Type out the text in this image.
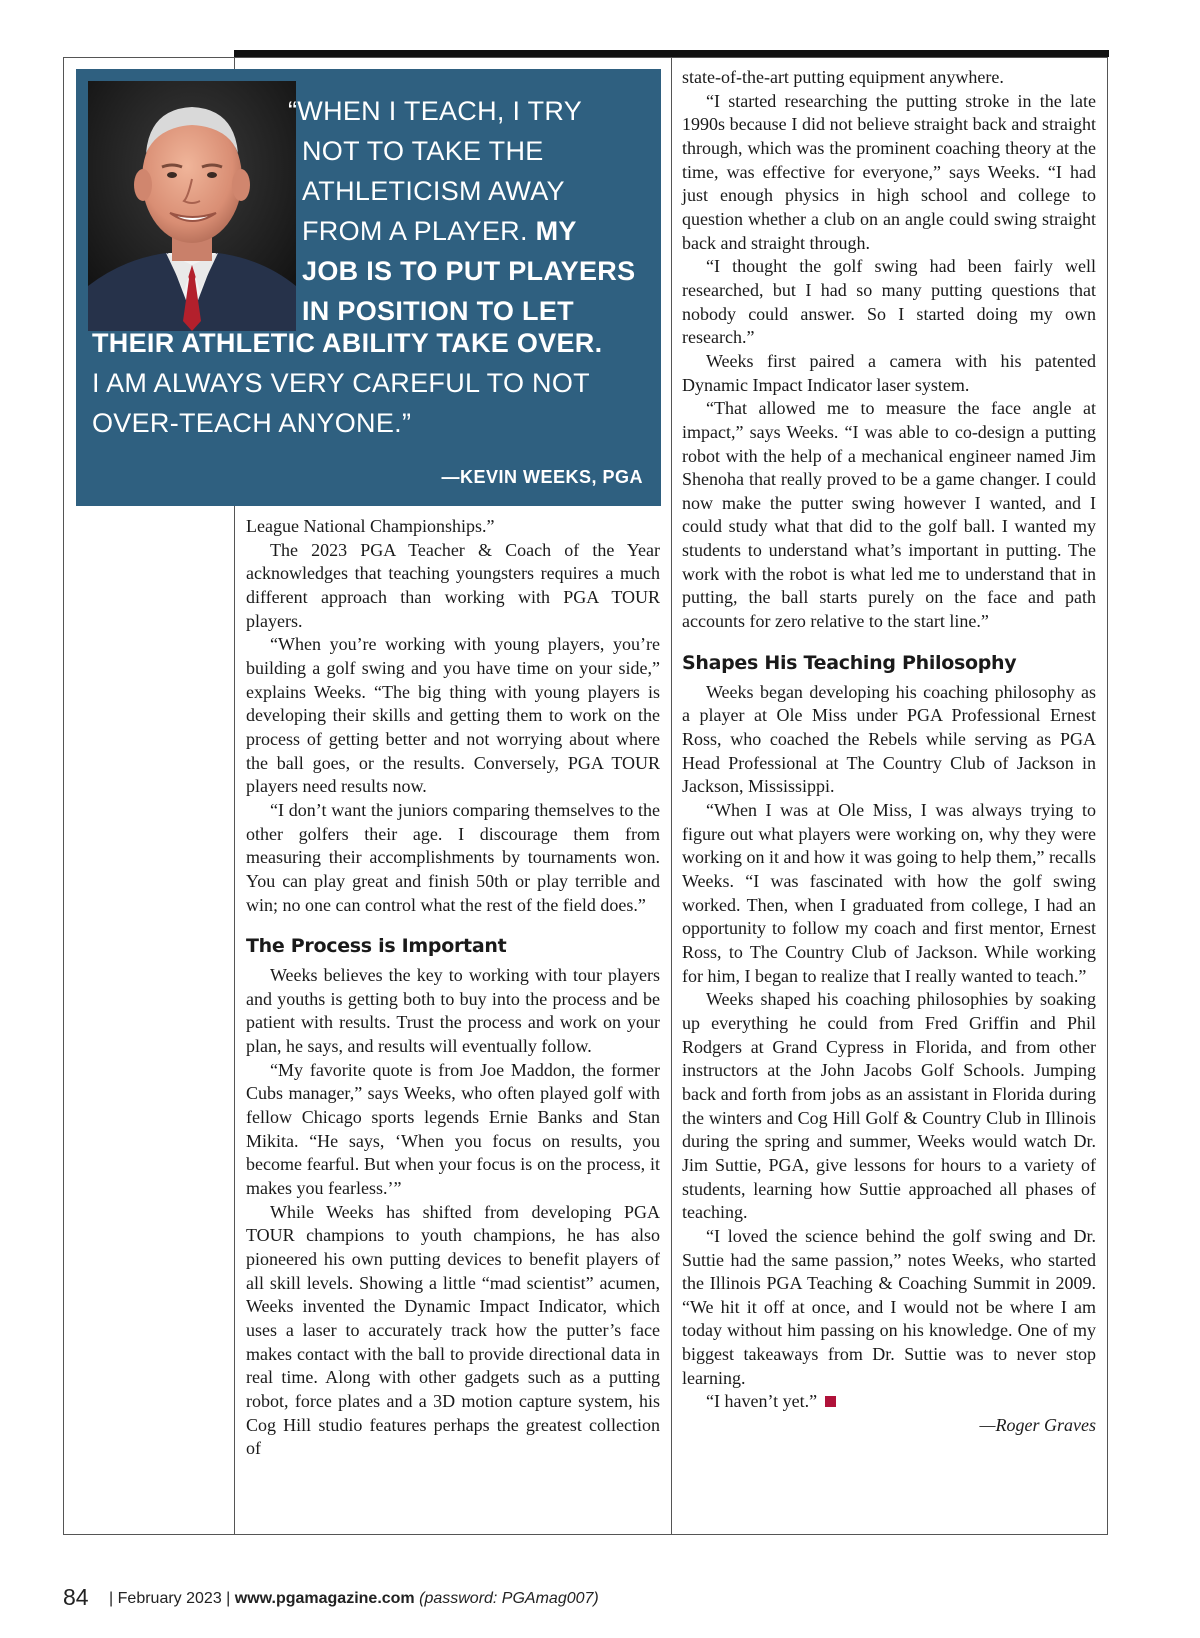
“WHEN I TEACH, I TRY
NOT TO TAKE THE
ATHLETICISM AWAY
FROM A PLAYER. MY
JOB IS TO PUT PLAYERS
IN POSITION TO LET
THEIR ATHLETIC ABILITY TAKE OVER.
I AM ALWAYS VERY CAREFUL TO NOT
OVER-TEACH ANYONE.”
—KEVIN WEEKS, PGA

League National Championships.”

The 2023 PGA Teacher & Coach of the Year acknowledges that teaching youngsters requires a much different approach than working with PGA TOUR players.

“When you’re working with young players, you’re building a golf swing and you have time on your side,” explains Weeks. “The big thing with young players is developing their skills and getting them to work on the process of getting better and not worrying about where the ball goes, or the results. Conversely, PGA TOUR players need results now.

“I don’t want the juniors comparing themselves to the other golfers their age. I discourage them from measuring their accomplishments by tournaments won. You can play great and finish 50th or play terrible and win; no one can control what the rest of the field does.”

The Process is Important

Weeks believes the key to working with tour players and youths is getting both to buy into the process and be patient with results. Trust the process and work on your plan, he says, and results will eventually follow.

“My favorite quote is from Joe Maddon, the former Cubs manager,” says Weeks, who often played golf with fellow Chicago sports legends Ernie Banks and Stan Mikita. “He says, ‘When you focus on results, you become fearful. But when your focus is on the process, it makes you fearless.’”

While Weeks has shifted from developing PGA TOUR champions to youth champions, he has also pioneered his own putting devices to benefit players of all skill levels. Showing a little “mad scientist” acumen, Weeks invented the Dynamic Impact Indicator, which uses a laser to accurately track how the putter’s face makes contact with the ball to provide directional data in real time. Along with other gadgets such as a putting robot, force plates and a 3D motion capture system, his Cog Hill studio features perhaps the greatest collection of

state-of-the-art putting equipment anywhere.

“I started researching the putting stroke in the late 1990s because I did not believe straight back and straight through, which was the prominent coaching theory at the time, was effective for everyone,” says Weeks. “I had just enough physics in high school and college to question whether a club on an angle could swing straight back and straight through.

“I thought the golf swing had been fairly well researched, but I had so many putting questions that nobody could answer. So I started doing my own research.”

Weeks first paired a camera with his patented Dynamic Impact Indicator laser system.

“That allowed me to measure the face angle at impact,” says Weeks. “I was able to co-design a putting robot with the help of a mechanical engineer named Jim Shenoha that really proved to be a game changer. I could now make the putter swing however I wanted, and I could study what that did to the golf ball. I wanted my students to understand what’s important in putting. The work with the robot is what led me to understand that in putting, the ball starts purely on the face and path accounts for zero relative to the start line.”

Shapes His Teaching Philosophy

Weeks began developing his coaching philosophy as a player at Ole Miss under PGA Professional Ernest Ross, who coached the Rebels while serving as PGA Head Professional at The Country Club of Jackson in Jackson, Mississippi.

“When I was at Ole Miss, I was always trying to figure out what players were working on, why they were working on it and how it was going to help them,” recalls Weeks. “I was fascinated with how the golf swing worked. Then, when I graduated from college, I had an opportunity to follow my coach and first mentor, Ernest Ross, to The Country Club of Jackson. While working for him, I began to realize that I really wanted to teach.”

Weeks shaped his coaching philosophies by soaking up everything he could from Fred Griffin and Phil Rodgers at Grand Cypress in Florida, and from other instructors at the John Jacobs Golf Schools. Jumping back and forth from jobs as an assistant in Florida during the winters and Cog Hill Golf & Country Club in Illinois during the spring and summer, Weeks would watch Dr. Jim Suttie, PGA, give lessons for hours to a variety of students, learning how Suttie approached all phases of teaching.

“I loved the science behind the golf swing and Dr. Suttie had the same passion,” notes Weeks, who started the Illinois PGA Teaching & Coaching Summit in 2009. “We hit it off at once, and I would not be where I am today without him passing on his knowledge. One of my biggest takeaways from Dr. Suttie was to never stop learning.

“I haven’t yet.”

—Roger Graves

84 | February 2023 | www.pgamagazine.com (password: PGAmag007)
